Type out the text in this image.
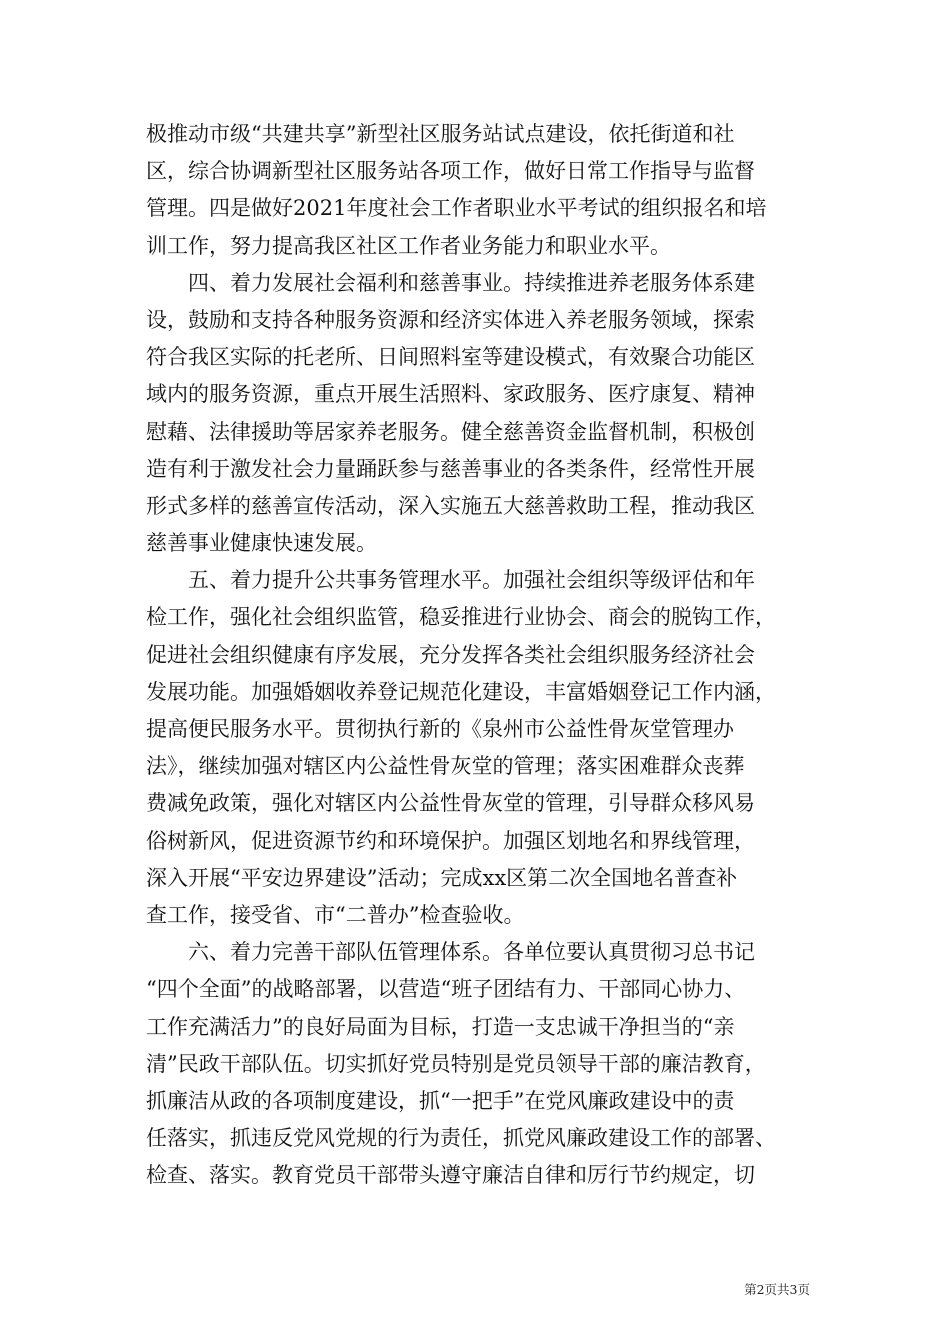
极推动市级“共建共享”新型社区服务站试点建设，依托街道和社
区，综合协调新型社区服务站各项工作，做好日常工作指导与监督
管理。四是做好2021年度社会工作者职业水平考试的组织报名和培
训工作，努力提高我区社区工作者业务能力和职业水平。
　　四、着力发展社会福利和慈善事业。持续推进养老服务体系建
设，鼓励和支持各种服务资源和经济实体进入养老服务领域，探索
符合我区实际的托老所、日间照料室等建设模式，有效聚合功能区
域内的服务资源，重点开展生活照料、家政服务、医疗康复、精神
慰藉、法律援助等居家养老服务。健全慈善资金监督机制，积极创
造有利于激发社会力量踊跃参与慈善事业的各类条件，经常性开展
形式多样的慈善宣传活动，深入实施五大慈善救助工程，推动我区
慈善事业健康快速发展。
　　五、着力提升公共事务管理水平。加强社会组织等级评估和年
检工作，强化社会组织监管，稳妥推进行业协会、商会的脱钩工作，
促进社会组织健康有序发展，充分发挥各类社会组织服务经济社会
发展功能。加强婚姻收养登记规范化建设，丰富婚姻登记工作内涵，
提高便民服务水平。贯彻执行新的《泉州市公益性骨灰堂管理办
法》，继续加强对辖区内公益性骨灰堂的管理；落实困难群众丧葬
费减免政策，强化对辖区内公益性骨灰堂的管理，引导群众移风易
俗树新风，促进资源节约和环境保护。加强区划地名和界线管理，
深入开展“平安边界建设”活动；完成xx区第二次全国地名普查补
查工作，接受省、市“二普办”检查验收。
　　六、着力完善干部队伍管理体系。各单位要认真贯彻习总书记
“四个全面”的战略部署，以营造“班子团结有力、干部同心协力、
工作充满活力”的良好局面为目标，打造一支忠诚干净担当的“亲
清”民政干部队伍。切实抓好党员特别是党员领导干部的廉洁教育，
抓廉洁从政的各项制度建设，抓“一把手”在党风廉政建设中的责
任落实，抓违反党风党规的行为责任，抓党风廉政建设工作的部署、
检查、落实。教育党员干部带头遵守廉洁自律和厉行节约规定，切
第2页共3页
